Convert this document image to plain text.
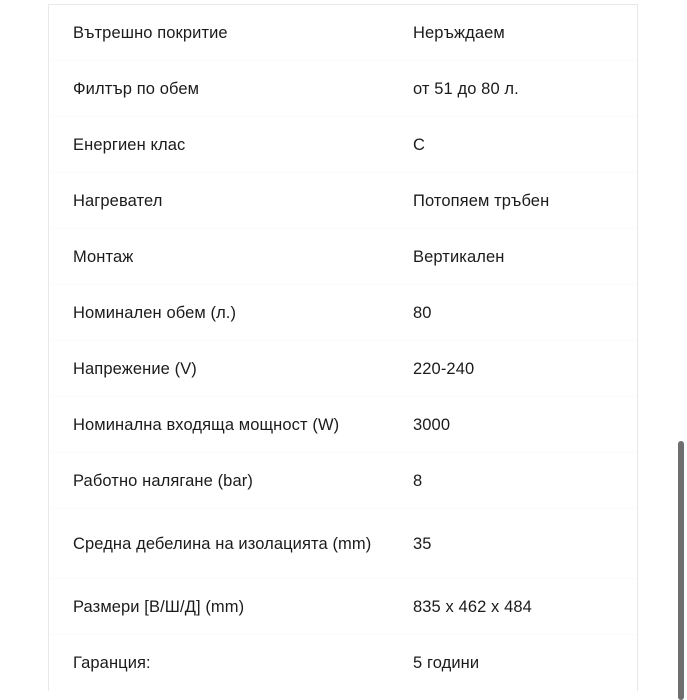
Вътрешно покритие	Неръждаем
Филтър по обем	от 51 до 80 л.
Енергиен клас	C
Нагревател	Потопяем тръбен
Монтаж	Вертикален
Номинален обем (л.)	80
Напрежение (V)	220-240
Номинална входяща мощност (W)	3000
Работно налягане (bar)	8
Средна дебелина на изолацията (mm)	35
Размери [В/Ш/Д] (mm)	835 x 462 x 484
Гаранция:	5 години
